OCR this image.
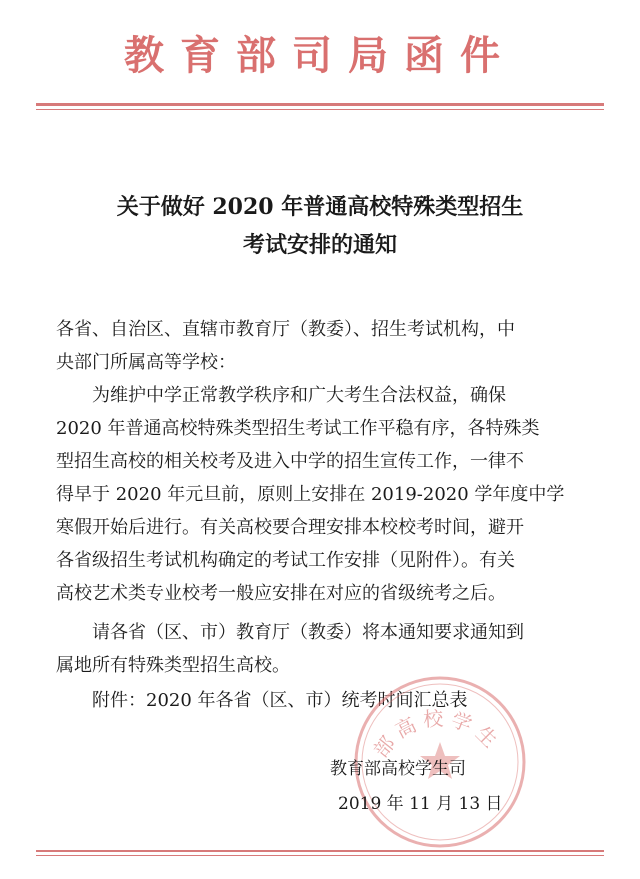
教育部司局函件
关于做好 2020 年普通高校特殊类型招生
考试安排的通知
各省、自治区、直辖市教育厅（教委）、招生考试机构，中
央部门所属高等学校：
　　为维护中学正常教学秩序和广大考生合法权益，确保
2020 年普通高校特殊类型招生考试工作平稳有序，各特殊类
型招生高校的相关校考及进入中学的招生宣传工作，一律不
得早于 2020 年元旦前，原则上安排在 2019-2020 学年度中学
寒假开始后进行。有关高校要合理安排本校校考时间，避开
各省级招生考试机构确定的考试工作安排（见附件）。有关
高校艺术类专业校考一般应安排在对应的省级统考之后。
　　请各省（区、市）教育厅（教委）将本通知要求通知到
属地所有特殊类型招生高校。
　　附件：2020 年各省（区、市）统考时间汇总表
部高校学生
教育部高校学生司
2019 年 11 月 13 日
